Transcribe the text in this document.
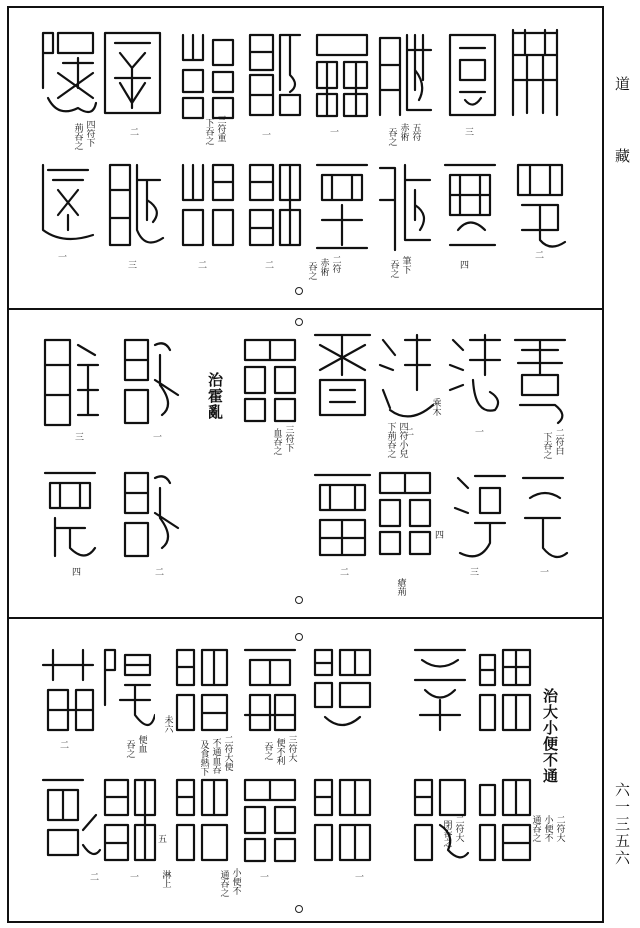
道
藏
六一三五六
五符
赤術
吞之
三符重
下吞之
四符下
荊吞之
筆下
吞之
二符
赤術
吞之
二
三
一
一
二
二
二	四
三
一
治霍亂
二符白
下吞之
三符下
血吞之	四符小兒
下荊吞之
乘木
瘡荊
一
二
三	一
三
四	二	二	一
四
治大小便不通
二符大
小便不
通吞之
二符大
閉吞之
三符大
便不利
吞之
二符大便
不通血吞
及食熱下
便血
吞之
小便不
通吞之
淋上
未六
二
一
一
五
一
二
